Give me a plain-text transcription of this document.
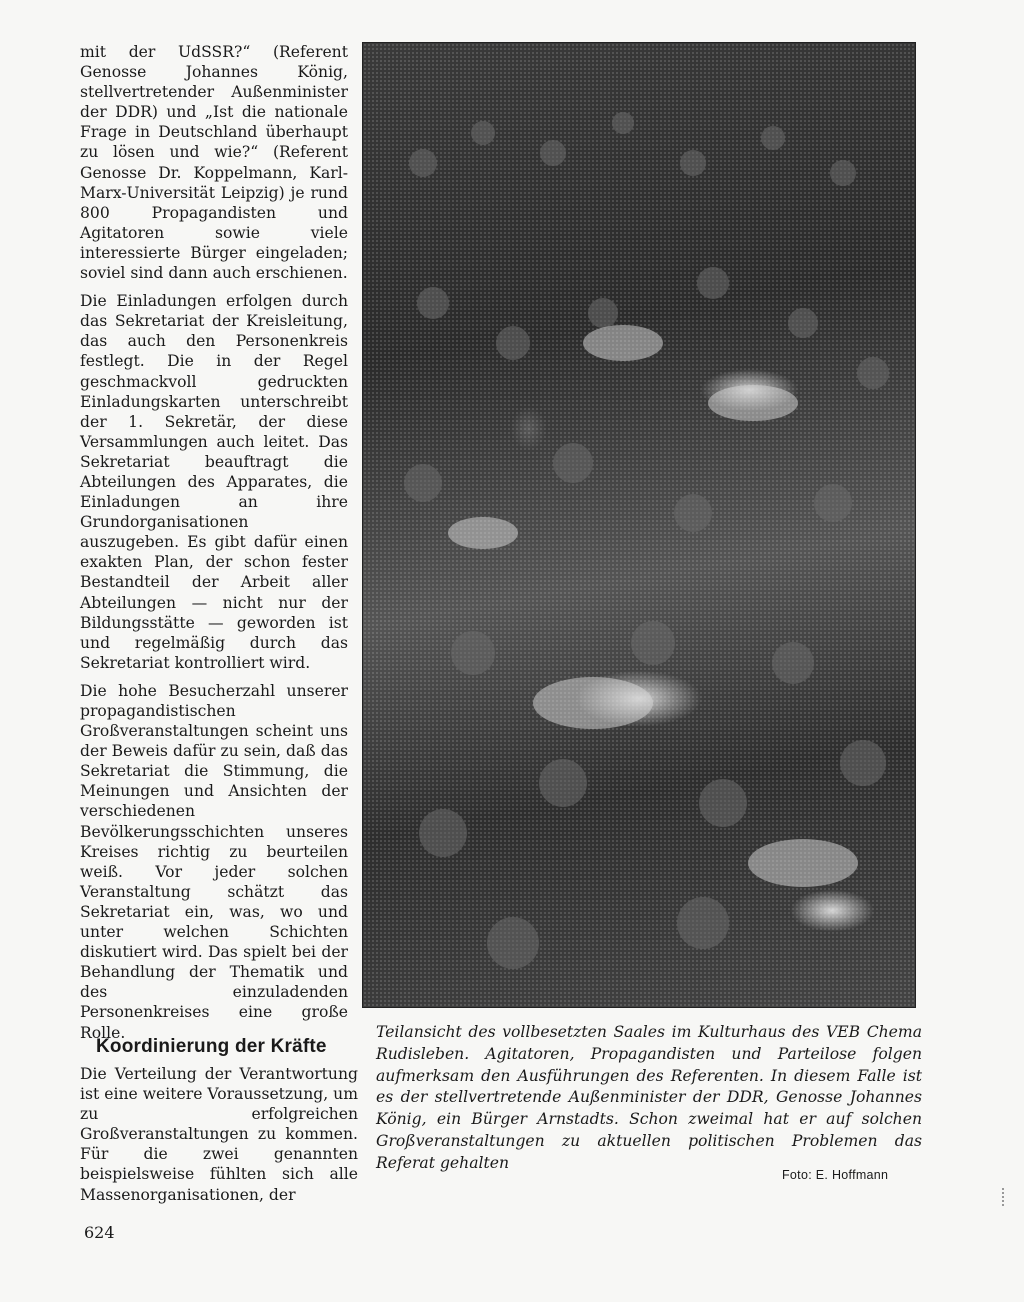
mit der UdSSR?“ (Referent Genosse Johannes König, stellvertretender Außenminister der DDR) und „Ist die nationale Frage in Deutschland überhaupt zu lösen und wie?“ (Referent Genosse Dr. Koppelmann, Karl-Marx-Universität Leipzig) je rund 800 Propagandisten und Agitatoren sowie viele interessierte Bürger eingeladen; soviel sind dann auch erschienen.

Die Einladungen erfolgen durch das Sekretariat der Kreisleitung, das auch den Personenkreis festlegt. Die in der Regel geschmackvoll gedruckten Einladungskarten unterschreibt der 1. Sekretär, der diese Versammlungen auch leitet. Das Sekretariat beauftragt die Abteilungen des Apparates, die Einladungen an ihre Grundorganisationen auszugeben. Es gibt dafür einen exakten Plan, der schon fester Bestandteil der Arbeit aller Abteilungen — nicht nur der Bildungsstätte — geworden ist und regelmäßig durch das Sekretariat kontrolliert wird.

Die hohe Besucherzahl unserer propagandistischen Großveranstaltungen scheint uns der Beweis dafür zu sein, daß das Sekretariat die Stimmung, die Meinungen und Ansichten der verschiedenen Bevölkerungsschichten unseres Kreises richtig zu beurteilen weiß. Vor jeder solchen Veranstaltung schätzt das Sekretariat ein, was, wo und unter welchen Schichten diskutiert wird. Das spielt bei der Behandlung der Thematik und des einzuladenden Personenkreises eine große Rolle.

Koordinierung der Kräfte

Die Verteilung der Verantwortung ist eine weitere Voraussetzung, um zu erfolgreichen Großveranstaltungen zu kommen. Für die zwei genannten beispielsweise fühlten sich alle Massenorganisationen, der

Teilansicht des vollbesetzten Saales im Kulturhaus des VEB Chema Rudisleben. Agitatoren, Propagandisten und Parteilose folgen aufmerksam den Ausführungen des Referenten. In diesem Falle ist es der stellvertretende Außenminister der DDR, Genosse Johannes König, ein Bürger Arnstadts. Schon zweimal hat er auf solchen Großveranstaltungen zu aktuellen politischen Problemen das Referat gehalten
Foto: E. Hoffmann
624
